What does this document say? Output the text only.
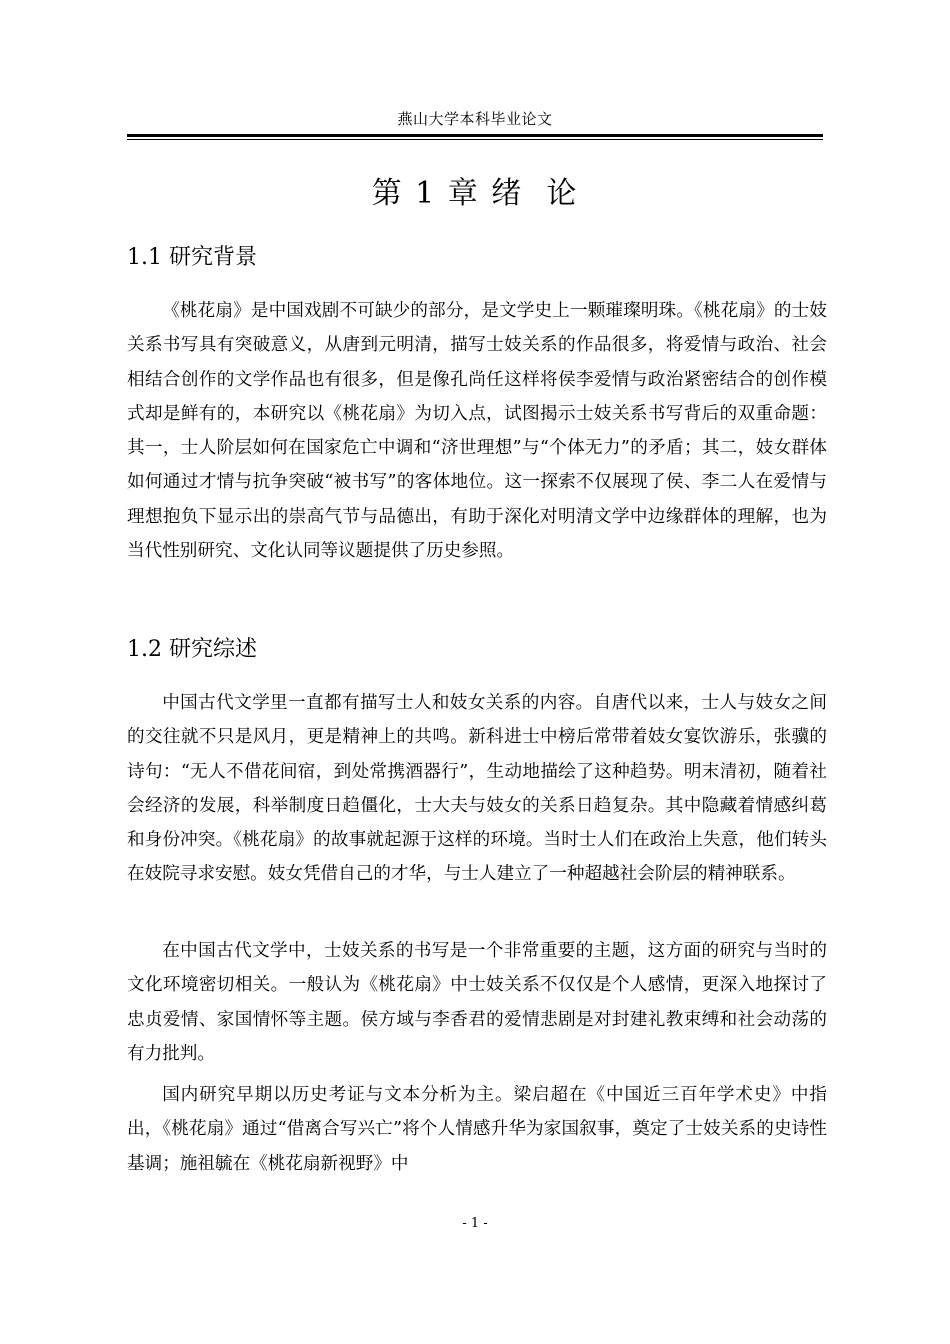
燕山大学本科毕业论文
第 1 章 绪  论
1.1 研究背景

《桃花扇》是中国戏剧不可缺少的部分，是文学史上一颗璀璨明珠。《桃花扇》的士妓关系书写具有突破意义，从唐到元明清，描写士妓关系的作品很多，将爱情与政治、社会相结合创作的文学作品也有很多，但是像孔尚任这样将侯李爱情与政治紧密结合的创作模式却是鲜有的，本研究以《桃花扇》为切入点，试图揭示士妓关系书写背后的双重命题：其一，士人阶层如何在国家危亡中调和“济世理想”与“个体无力”的矛盾；其二，妓女群体如何通过才情与抗争突破“被书写”的客体地位。这一探索不仅展现了侯、李二人在爱情与理想抱负下显示出的崇高气节与品德出，有助于深化对明清文学中边缘群体的理解，也为当代性别研究、文化认同等议题提供了历史参照。

1.2 研究综述

中国古代文学里一直都有描写士人和妓女关系的内容。自唐代以来，士人与妓女之间的交往就不只是风月，更是精神上的共鸣。新科进士中榜后常带着妓女宴饮游乐，张骥的诗句：“无人不借花间宿，到处常携酒器行”，生动地描绘了这种趋势。明末清初，随着社会经济的发展，科举制度日趋僵化，士大夫与妓女的关系日趋复杂。其中隐藏着情感纠葛和身份冲突。《桃花扇》的故事就起源于这样的环境。当时士人们在政治上失意，他们转头在妓院寻求安慰。妓女凭借自己的才华，与士人建立了一种超越社会阶层的精神联系。

在中国古代文学中，士妓关系的书写是一个非常重要的主题，这方面的研究与当时的文化环境密切相关。一般认为《桃花扇》中士妓关系不仅仅是个人感情，更深入地探讨了忠贞爱情、家国情怀等主题。侯方域与李香君的爱情悲剧是对封建礼教束缚和社会动荡的有力批判。

国内研究早期以历史考证与文本分析为主。梁启超在《中国近三百年学术史》中指出，《桃花扇》通过“借离合写兴亡”将个人情感升华为家国叙事，奠定了士妓关系的史诗性基调；施祖毓在《桃花扇新视野》中

- 1 -
